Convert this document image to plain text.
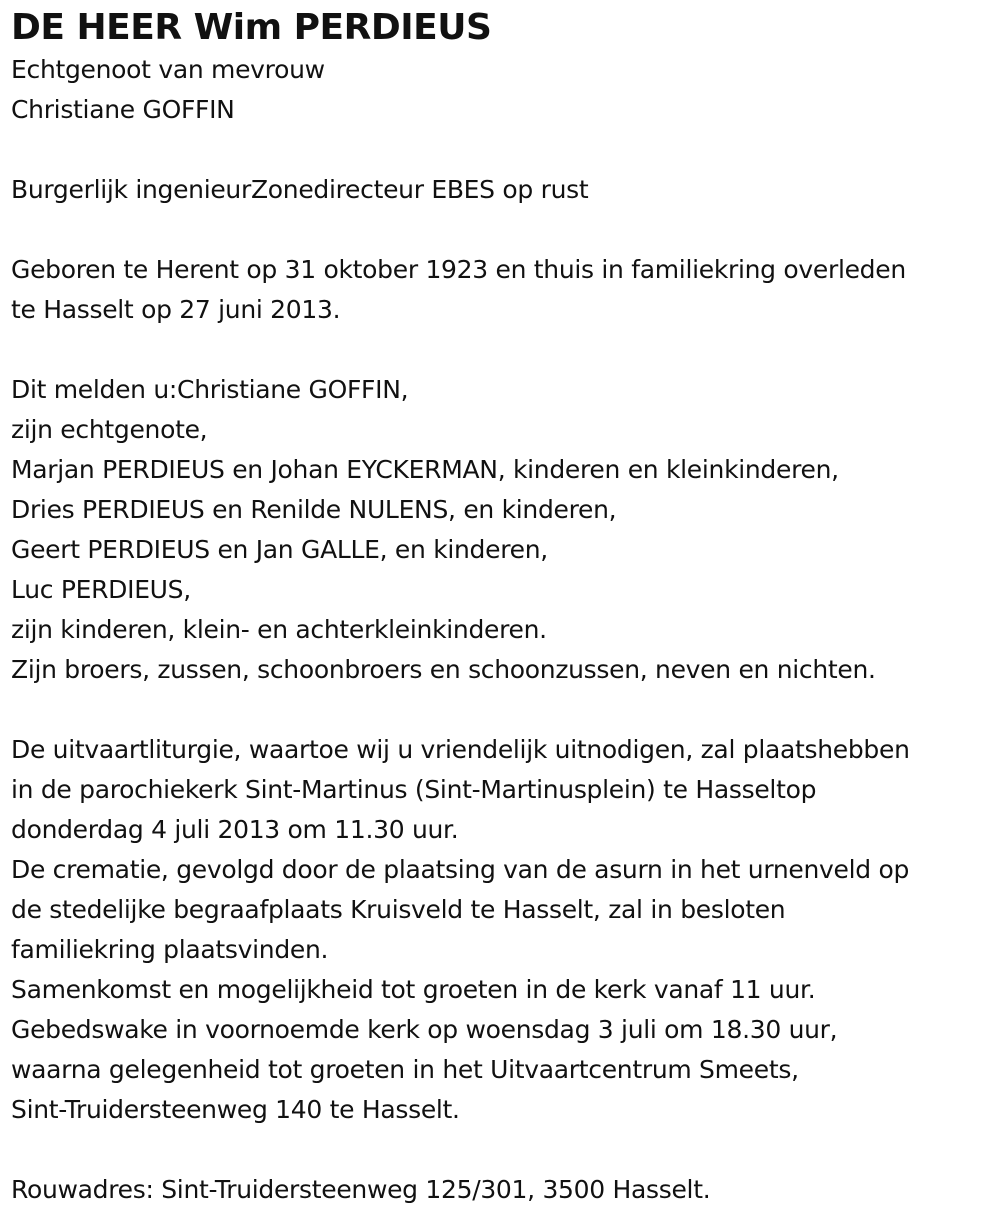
DE HEER Wim PERDIEUS
Echtgenoot van mevrouw
Christiane GOFFIN
Burgerlijk ingenieurZonedirecteur EBES op rust
Geboren te Herent op 31 oktober 1923 en thuis in familiekring overleden
te Hasselt op 27 juni 2013.
Dit melden u:Christiane GOFFIN,
zijn echtgenote,
Marjan PERDIEUS en Johan EYCKERMAN, kinderen en kleinkinderen,
Dries PERDIEUS en Renilde NULENS, en kinderen,
Geert PERDIEUS en Jan GALLE, en kinderen,
Luc PERDIEUS,
zijn kinderen, klein- en achterkleinkinderen.
Zijn broers, zussen, schoonbroers en schoonzussen, neven en nichten.
De uitvaartliturgie, waartoe wij u vriendelijk uitnodigen, zal plaatshebben
in de parochiekerk Sint-Martinus (Sint-Martinusplein) te Hasseltop
donderdag 4 juli 2013 om 11.30 uur.
De crematie, gevolgd door de plaatsing van de asurn in het urnenveld op
de stedelijke begraafplaats Kruisveld te Hasselt, zal in besloten
familiekring plaatsvinden.
Samenkomst en mogelijkheid tot groeten in de kerk vanaf 11 uur.
Gebedswake in voornoemde kerk op woensdag 3 juli om 18.30 uur,
waarna gelegenheid tot groeten in het Uitvaartcentrum Smeets,
Sint-Truidersteenweg 140 te Hasselt.
Rouwadres: Sint-Truidersteenweg 125/301, 3500 Hasselt.
